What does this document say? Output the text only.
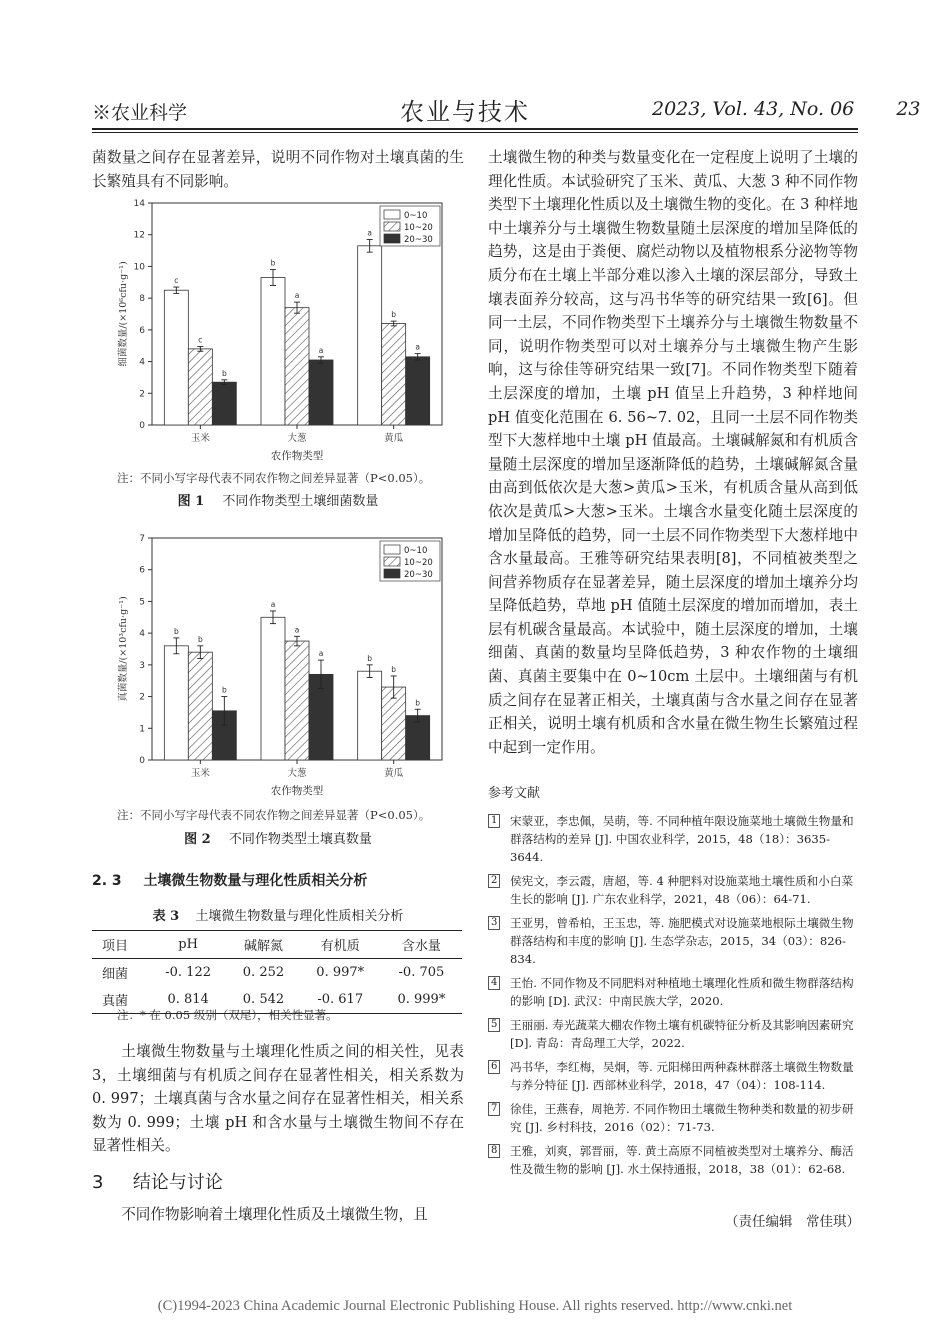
※农业科学	农业与技术	2023, Vol. 43, No. 06 23

菌数量之间存在显著差异，说明不同作物对土壤真菌的生长繁殖具有不同影响。

0
2
4
6
8
10
12
14
细菌数量/(×10⁶cfu·g⁻¹)
玉米
c
c
b
大葱
b
a
a
黄瓜
a
b
a
农作物类型
0~10
10~20
20~30
注：不同小写字母代表不同农作物之间差异显著（P<0.05）。
图 1 不同作物类型土壤细菌数量
0
1
2
3
4
5
6
7
真菌数量/(×10³cfu·g⁻¹)
玉米
b
b
b
大葱
a
a
a
黄瓜
b
b
b
农作物类型
0~10
10~20
20~30
注：不同小写字母代表不同农作物之间差异显著（P<0.05）。
图 2 不同作物类型土壤真数量
2. 3 土壤微生物数量与理化性质相关分析
表 3 土壤微生物数量与理化性质相关分析
项目	pH	碱解氮	有机质	含水量
细菌	-0. 122	0. 252	0. 997*	-0. 705
真菌	0. 814	0. 542	-0. 617	0. 999*
注：* 在 0.05 级别（双尾），相关性显著。

土壤微生物数量与土壤理化性质之间的相关性，见表3，土壤细菌与有机质之间存在显著性相关，相关系数为 0. 997；土壤真菌与含水量之间存在显著性相关，相关系数为 0. 999；土壤 pH 和含水量与土壤微生物间不存在显著性相关。

3 结论与讨论

不同作物影响着土壤理化性质及土壤微生物，且

土壤微生物的种类与数量变化在一定程度上说明了土壤的理化性质。本试验研究了玉米、黄瓜、大葱 3 种不同作物类型下土壤理化性质以及土壤微生物的变化。在 3 种样地中土壤养分与土壤微生物数量随土层深度的增加呈降低的趋势，这是由于粪便、腐烂动物以及植物根系分泌物等物质分布在土壤上半部分难以渗入土壤的深层部分，导致土壤表面养分较高，这与冯书华等的研究结果一致[6]。但同一土层，不同作物类型下土壤养分与土壤微生物数量不同，说明作物类型可以对土壤养分与土壤微生物产生影响，这与徐佳等研究结果一致[7]。不同作物类型下随着土层深度的增加，土壤 pH 值呈上升趋势，3 种样地间 pH 值变化范围在 6. 56~7. 02，且同一土层不同作物类型下大葱样地中土壤 pH 值最高。土壤碱解氮和有机质含量随土层深度的增加呈逐渐降低的趋势，土壤碱解氮含量由高到低依次是大葱>黄瓜>玉米，有机质含量从高到低依次是黄瓜>大葱>玉米。土壤含水量变化随土层深度的增加呈降低的趋势，同一土层不同作物类型下大葱样地中含水量最高。王雅等研究结果表明[8]，不同植被类型之间营养物质存在显著差异，随土层深度的增加土壤养分均呈降低趋势，草地 pH 值随土层深度的增加而增加，表土层有机碳含量最高。本试验中，随土层深度的增加，土壤细菌、真菌的数量均呈降低趋势，3 种农作物的土壤细菌、真菌主要集中在 0~10cm 土层中。土壤细菌与有机质之间存在显著正相关，土壤真菌与含水量之间存在显著正相关，说明土壤有机质和含水量在微生物生长繁殖过程中起到一定作用。

参考文献
1 宋蒙亚，李忠佩，吴萌，等. 不同种植年限设施菜地土壤微生物量和群落结构的差异 [J]. 中国农业科学，2015，48（18）：3635-3644.
2 侯宪文，李云霞，唐超，等. 4 种肥料对设施菜地土壤性质和小白菜生长的影响 [J]. 广东农业科学，2021，48（06）：64-71.
3 王亚男，曾希柏，王玉忠，等. 施肥模式对设施菜地根际土壤微生物群落结构和丰度的影响 [J]. 生态学杂志，2015，34（03）：826-834.
4 王怡. 不同作物及不同肥料对种植地土壤理化性质和微生物群落结构的影响 [D]. 武汉：中南民族大学，2020.
5 王丽丽. 寿光蔬菜大棚农作物土壤有机碳特征分析及其影响因素研究 [D]. 青岛：青岛理工大学，2022.
6 冯书华，李红梅，吴炯，等. 元阳梯田两种森林群落土壤微生物数量与养分特征 [J]. 西部林业科学，2018，47（04）：108-114.
7 徐佳，王燕春，周艳芳. 不同作物田土壤微生物种类和数量的初步研究 [J]. 乡村科技，2016（02）：71-73.
8 王雅，刘爽，郭晋丽，等. 黄土高原不同植被类型对土壤养分、酶活性及微生物的影响 [J]. 水土保持通报，2018，38（01）：62-68.
（责任编辑　常佳琪）
(C)1994-2023 China Academic Journal Electronic Publishing House. All rights reserved. http://www.cnki.net
